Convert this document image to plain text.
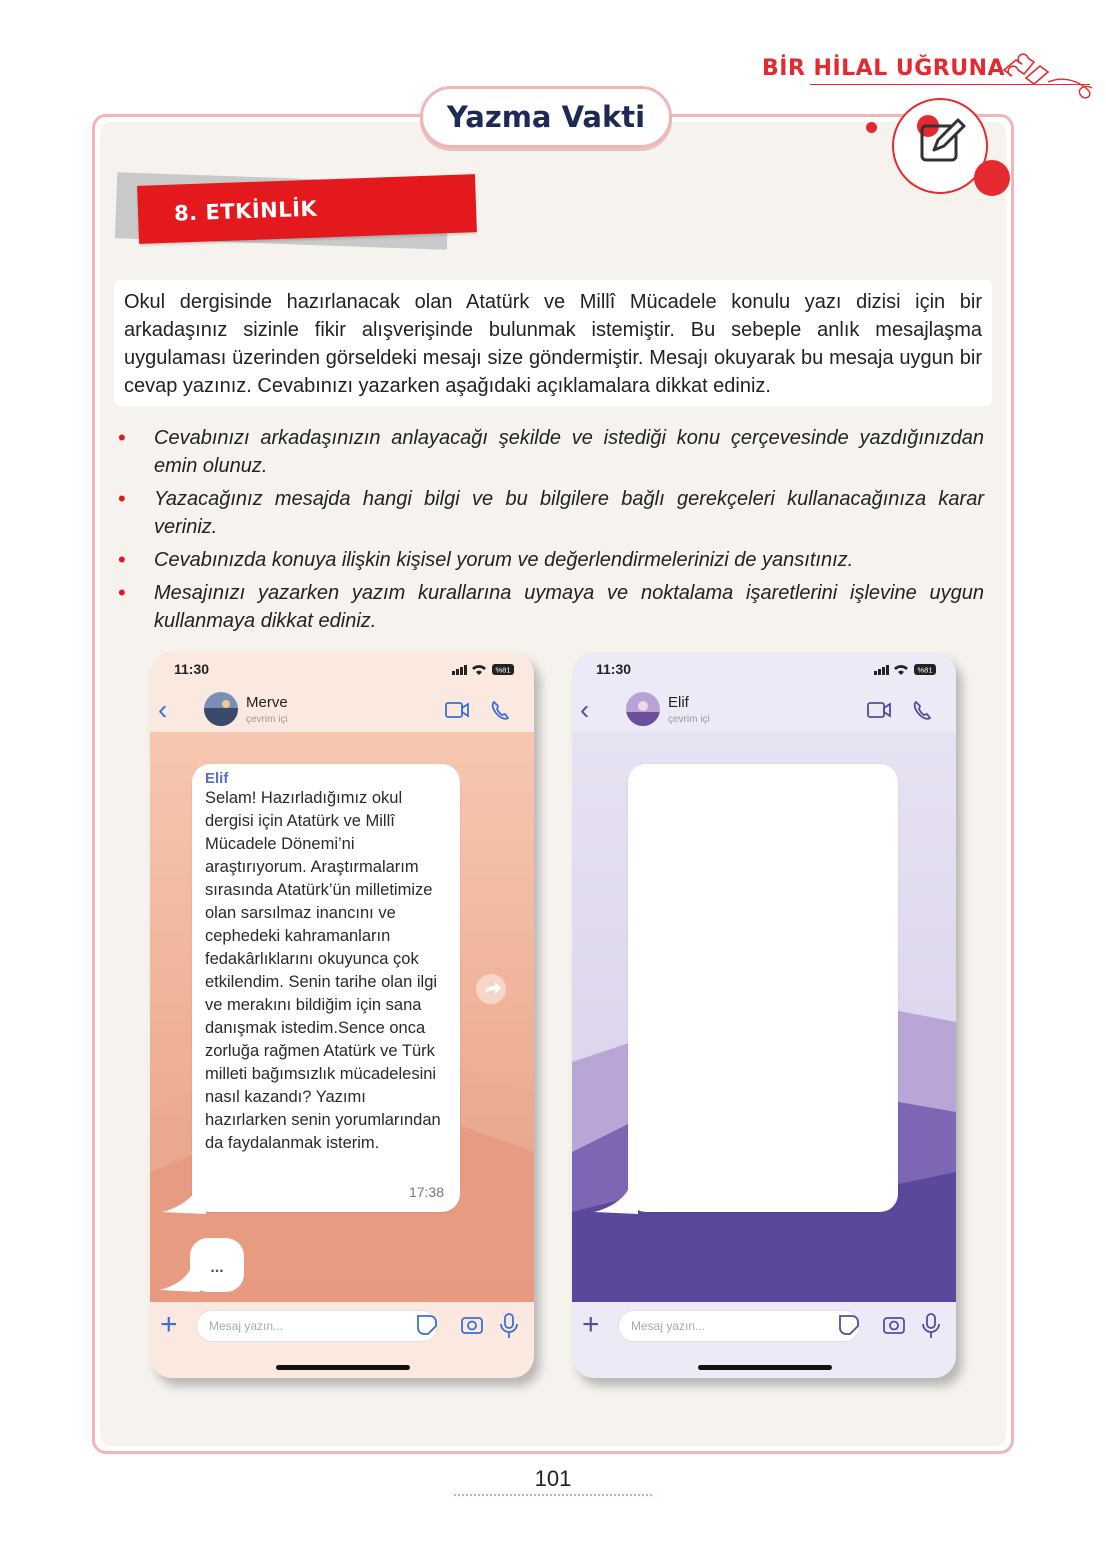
BİR HİLAL UĞRUNA
Yazma Vakti
8. ETKİNLİK
Okul dergisinde hazırlanacak olan Atatürk ve Millî Mücadele konulu yazı dizisi için bir arkadaşınız sizinle fikir alışverişinde bulunmak istemiştir. Bu sebeple anlık mesajlaşma uygulaması üzerinden görseldeki mesajı size göndermiştir. Mesajı okuyarak bu mesaja uygun bir cevap yazınız. Cevabınızı yazarken aşağıdaki açıklamalara dikkat ediniz.
• Cevabınızı arkadaşınızın anlayacağı şekilde ve istediği konu çerçevesinde yazdığınızdan emin olunuz.
• Yazacağınız mesajda hangi bilgi ve bu bilgilere bağlı gerekçeleri kullanacağınıza karar veriniz.
• Cevabınızda konuya ilişkin kişisel yorum ve değerlendirmelerinizi de yansıtınız.
• Mesajınızı yazarken yazım kurallarına uymaya ve noktalama işaretlerini işlevine uygun kullanmaya dikkat ediniz.
11:30	%81
‹	Merve
çevrim içi
Elif
Selam! Hazırladığımız okul dergisi için Atatürk ve Millî Mücadele Dönemi’ni araştırıyorum. Araştırmalarım sırasında Atatürk’ün milletimize olan sarsılmaz inancını ve cephedeki kahramanların fedakârlıklarını okuyunca çok etkilendim. Senin tarihe olan ilgi ve merakını bildiğim için sana danışmak istedim.Sence onca zorluğa rağmen Atatürk ve Türk milleti bağımsızlık mücadelesini nasıl kazandı? Yazımı hazırlarken senin yorumlarından da faydalanmak isterim.
17:38
...
+	Mesaj yazın...
11:30	%81
‹	Elif
çevrim içi
+	Mesaj yazın...
101
